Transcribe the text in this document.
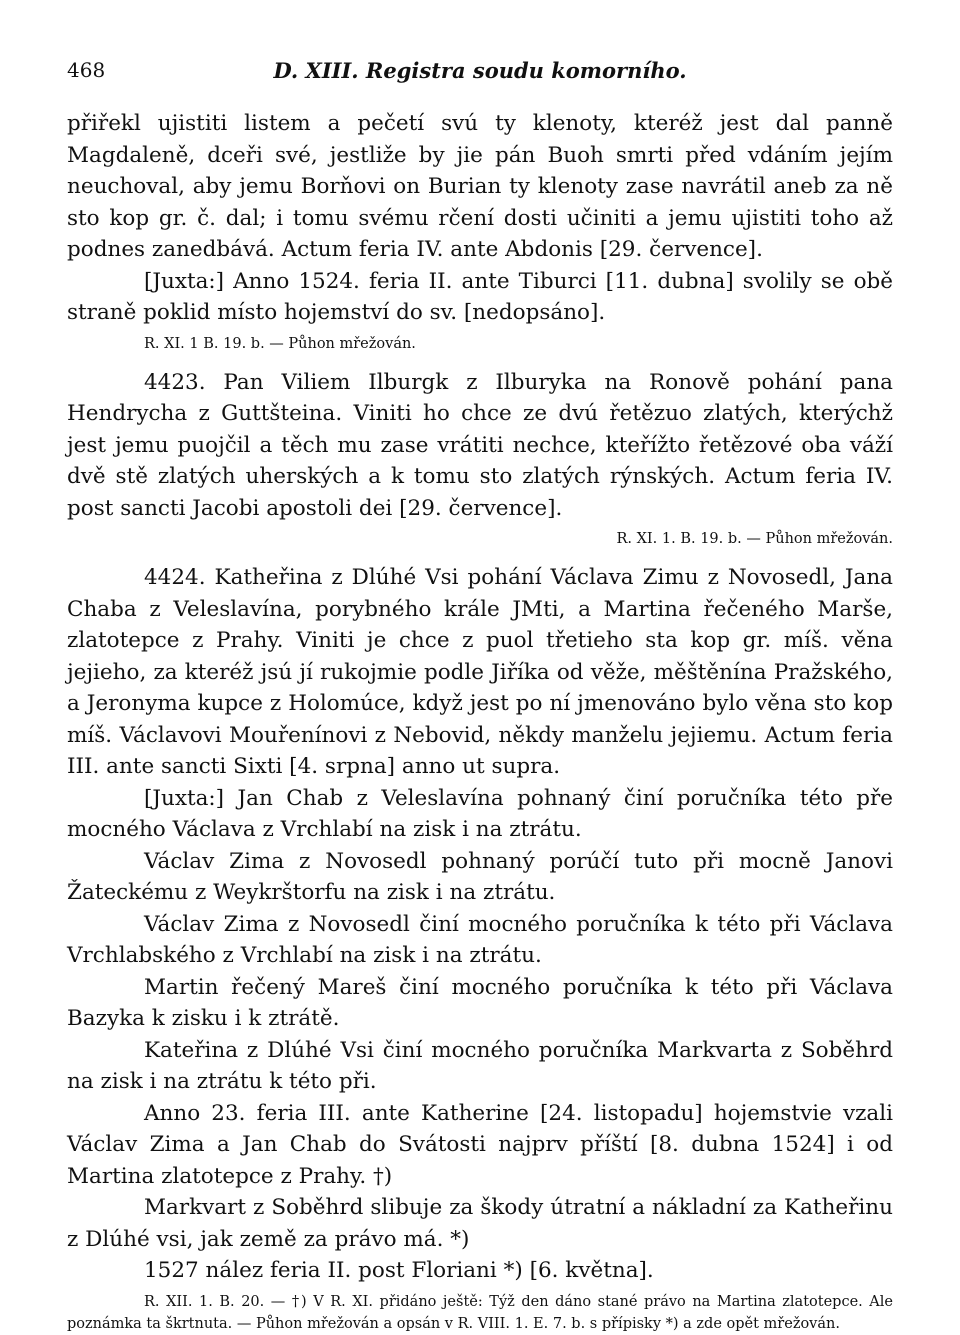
468	D. XIII. Registra soudu komorního.

přiřekl ujistiti listem a pečetí svú ty klenoty, kteréž jest dal panně Magdaleně, dceři své, jestliže by jie pán Buoh smrti před vdáním jejím neuchoval, aby jemu Borňovi on Burian ty klenoty zase navrátil aneb za ně sto kop gr. č. dal; i tomu svému rčení dosti učiniti a jemu ujistiti toho až podnes zanedbává. Actum feria IV. ante Abdonis [29. července].

[Juxta:] Anno 1524. feria II. ante Tiburci [11. dubna] svolily se obě straně poklid místo hojemství do sv. [nedopsáno].

R. XI. 1 B. 19. b. — Půhon mřežován.

4423. Pan Viliem Ilburgk z Ilburyka na Ronově pohání pana Hendrycha z Guttšteina. Viniti ho chce ze dvú řetězuo zlatých, kterýchž jest jemu puojčil a těch mu zase vrátiti nechce, kteřížto řetězové oba váží dvě stě zlatých uherských a k tomu sto zlatých rýnských. Actum feria IV. post sancti Jacobi apostoli dei [29. července].

R. XI. 1. B. 19. b. — Půhon mřežován.

4424. Katheřina z Dlúhé Vsi pohání Václava Zimu z Novosedl, Jana Chaba z Veleslavína, porybného krále JMti, a Martina řečeného Marše, zlatotepce z Prahy. Viniti je chce z puol třetieho sta kop gr. míš. věna jejieho, za kteréž jsú jí rukojmie podle Jiříka od věže, měštěnína Pražského, a Jeronyma kupce z Holomúce, když jest po ní jmenováno bylo věna sto kop míš. Václavovi Mouřenínovi z Nebovid, někdy manželu jejiemu. Actum feria III. ante sancti Sixti [4. srpna] anno ut supra.

[Juxta:] Jan Chab z Veleslavína pohnaný činí poručníka této pře mocného Václava z Vrchlabí na zisk i na ztrátu.

Václav Zima z Novosedl pohnaný porúčí tuto při mocně Janovi Žateckému z Weykrštorfu na zisk i na ztrátu.

Václav Zima z Novosedl činí mocného poručníka k této při Václava Vrchlabského z Vrchlabí na zisk i na ztrátu.

Martin řečený Mareš činí mocného poručníka k této při Václava Bazyka k zisku i k ztrátě.

Kateřina z Dlúhé Vsi činí mocného poručníka Markvarta z Soběhrd na zisk i na ztrátu k této při.

Anno 23. feria III. ante Katherine [24. listopadu] hojemstvie vzali Václav Zima a Jan Chab do Svátosti najprv příští [8. dubna 1524] i od Martina zlatotepce z Prahy. †)

Markvart z Soběhrd slibuje za škody útratní a nákladní za Katheřinu z Dlúhé vsi, jak země za právo má. *)

1527 nález feria II. post Floriani *) [6. května].

R. XII. 1. B. 20. — †) V R. XI. přidáno ještě: Týž den dáno stané právo na Martina zlatotepce. Ale poznámka ta škrtnuta. — Půhon mřežován a opsán v R. VIII. 1. E. 7. b. s přípisky *) a zde opět mřežován.
